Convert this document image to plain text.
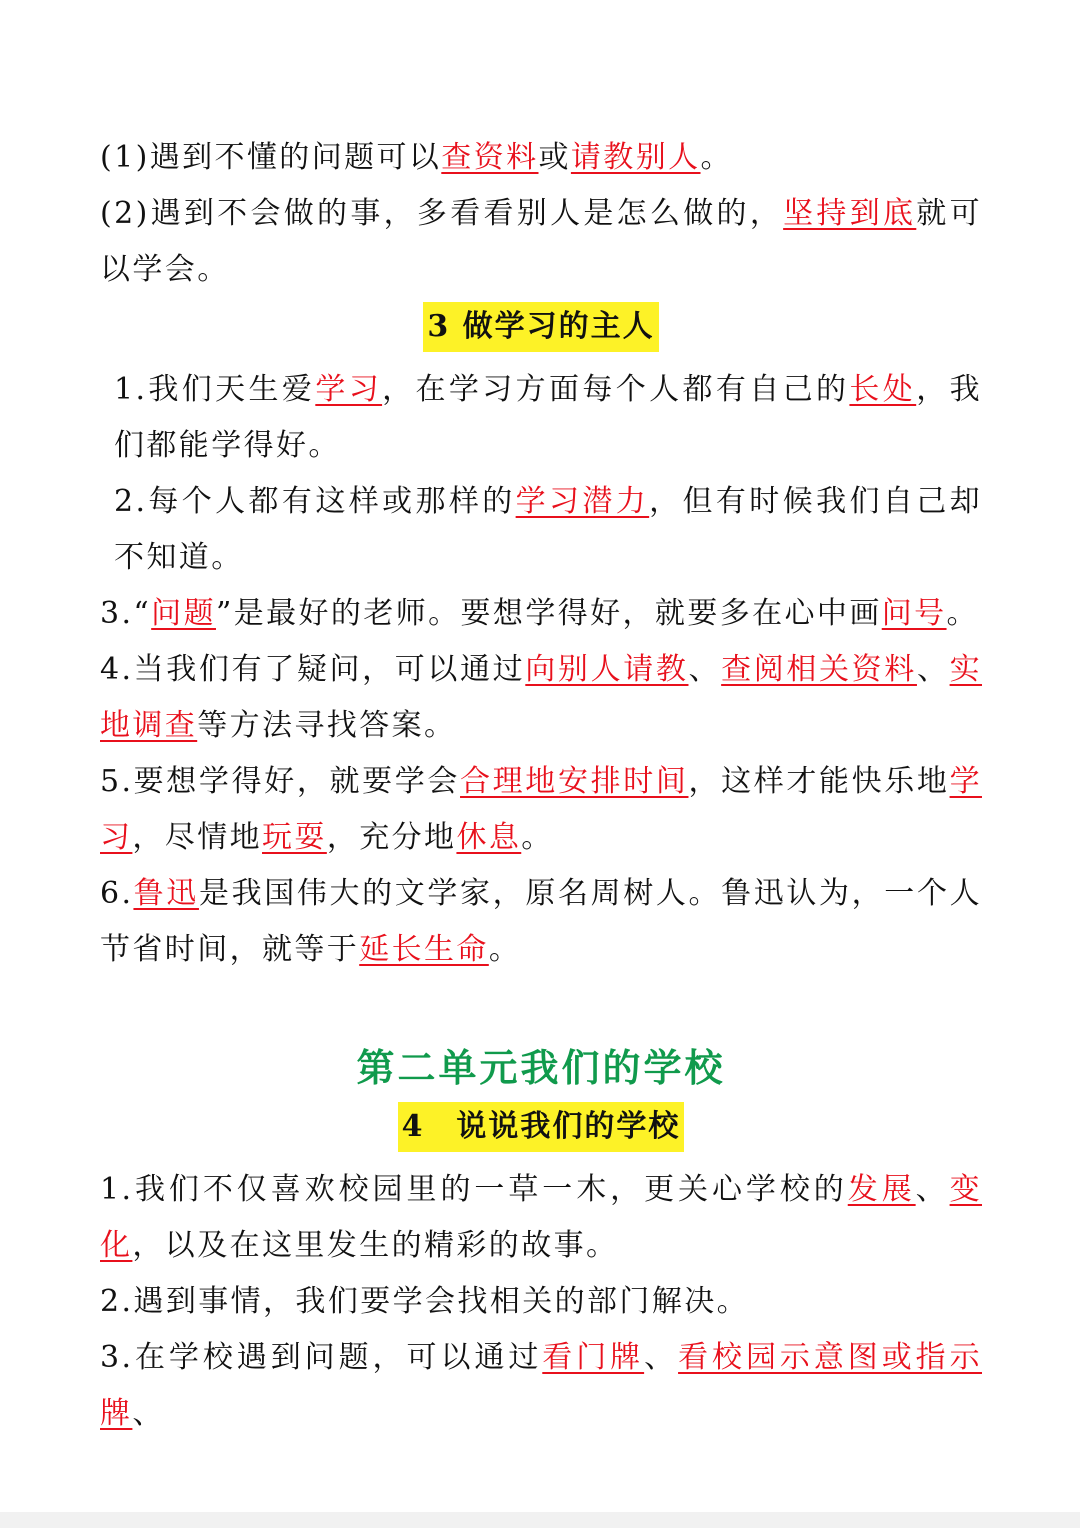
(1)遇到不懂的问题可以查资料或请教别人。

(2)遇到不会做的事，多看看别人是怎么做的，坚持到底就可以学会。

3 做学习的主人

1.我们天生爱学习，在学习方面每个人都有自己的长处，我们都能学得好。

2.每个人都有这样或那样的学习潜力，但有时候我们自己却不知道。

3.“问题”是最好的老师。要想学得好，就要多在心中画问号。

4.当我们有了疑问，可以通过向别人请教、查阅相关资料、实地调查等方法寻找答案。

5.要想学得好，就要学会合理地安排时间，这样才能快乐地学习，尽情地玩耍，充分地休息。

6.鲁迅是我国伟大的文学家，原名周树人。鲁迅认为，一个人节省时间，就等于延长生命。

第二单元我们的学校
4　说说我们的学校

1.我们不仅喜欢校园里的一草一木，更关心学校的发展、变化，以及在这里发生的精彩的故事。

2.遇到事情，我们要学会找相关的部门解决。

3.在学校遇到问题，可以通过看门牌、看校园示意图或指示牌、
